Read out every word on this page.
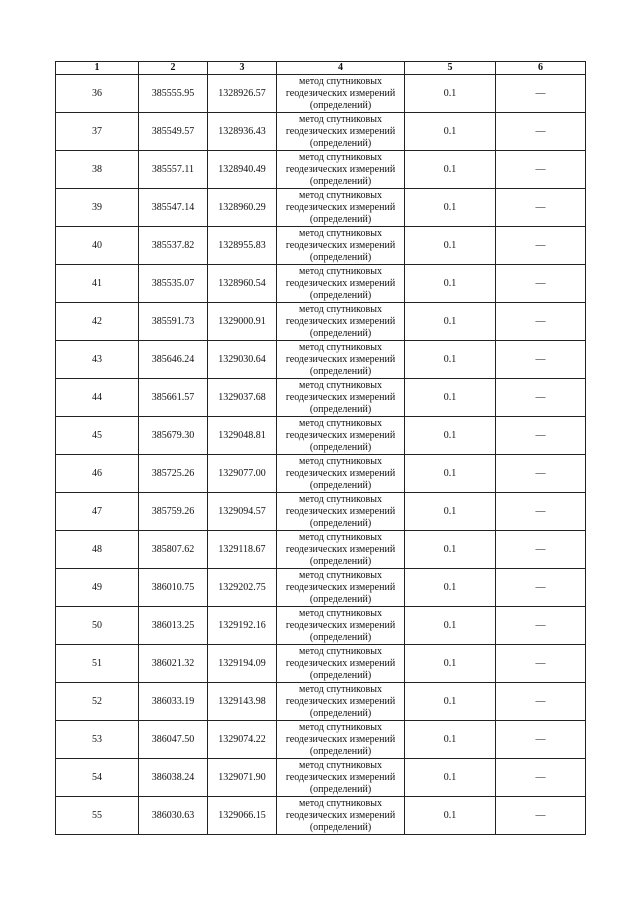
1	2	3	4	5	6
36	385555.95	1328926.57	метод спутниковых
геодезических измерений
(определений)	0.1	—
37	385549.57	1328936.43	метод спутниковых
геодезических измерений
(определений)	0.1	—
38	385557.11	1328940.49	метод спутниковых
геодезических измерений
(определений)	0.1	—
39	385547.14	1328960.29	метод спутниковых
геодезических измерений
(определений)	0.1	—
40	385537.82	1328955.83	метод спутниковых
геодезических измерений
(определений)	0.1	—
41	385535.07	1328960.54	метод спутниковых
геодезических измерений
(определений)	0.1	—
42	385591.73	1329000.91	метод спутниковых
геодезических измерений
(определений)	0.1	—
43	385646.24	1329030.64	метод спутниковых
геодезических измерений
(определений)	0.1	—
44	385661.57	1329037.68	метод спутниковых
геодезических измерений
(определений)	0.1	—
45	385679.30	1329048.81	метод спутниковых
геодезических измерений
(определений)	0.1	—
46	385725.26	1329077.00	метод спутниковых
геодезических измерений
(определений)	0.1	—
47	385759.26	1329094.57	метод спутниковых
геодезических измерений
(определений)	0.1	—
48	385807.62	1329118.67	метод спутниковых
геодезических измерений
(определений)	0.1	—
49	386010.75	1329202.75	метод спутниковых
геодезических измерений
(определений)	0.1	—
50	386013.25	1329192.16	метод спутниковых
геодезических измерений
(определений)	0.1	—
51	386021.32	1329194.09	метод спутниковых
геодезических измерений
(определений)	0.1	—
52	386033.19	1329143.98	метод спутниковых
геодезических измерений
(определений)	0.1	—
53	386047.50	1329074.22	метод спутниковых
геодезических измерений
(определений)	0.1	—
54	386038.24	1329071.90	метод спутниковых
геодезических измерений
(определений)	0.1	—
55	386030.63	1329066.15	метод спутниковых
геодезических измерений
(определений)	0.1	—
